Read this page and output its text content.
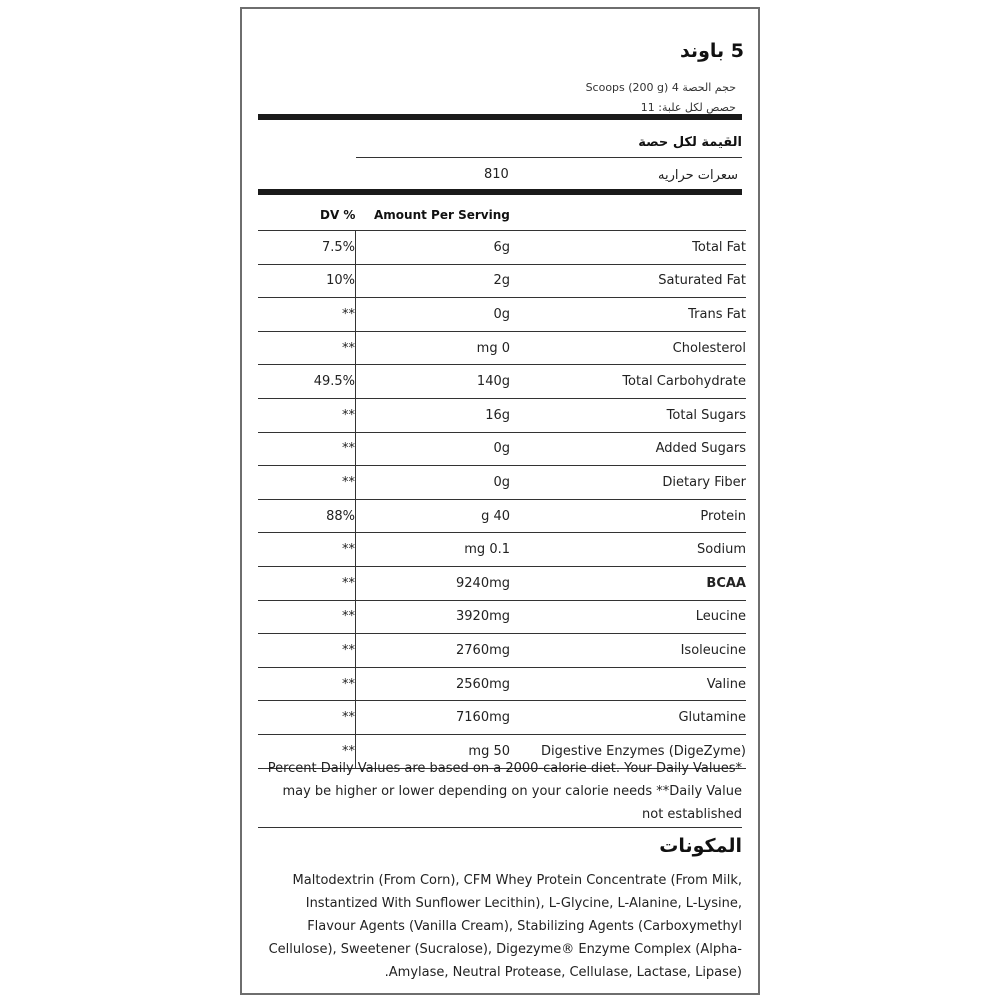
5 باوند
حجم الحصة 4 Scoops (200 g)
حصص لكل علبة: 11
القيمة لكل حصة
سعرات حراريه
810
DV % Amount Per Serving
7.5%	6g	Total Fat
10%	2g	Saturated Fat
**	0g	Trans Fat
**	mg 0	Cholesterol
49.5%	140g	Total Carbohydrate
**	16g	Total Sugars
**	0g	Added Sugars
**	0g	Dietary Fiber
88%	g 40	Protein
**	mg 0.1	Sodium
**	9240mg	BCAA
**	3920mg	Leucine
**	2760mg	Isoleucine
**	2560mg	Valine
**	7160mg	Glutamine
**	mg 50	Digestive Enzymes (DigeZyme)
Percent Daily Values are based on a 2000-calorie diet. Your Daily Values* may be higher or lower depending on your calorie needs **Daily Value not established
المكونات
Maltodextrin (From Corn), CFM Whey Protein Concentrate (From Milk, Instantized With Sunflower Lecithin), L-Glycine, L-Alanine, L-Lysine, Flavour Agents (Vanilla Cream), Stabilizing Agents (Carboxymethyl Cellulose), Sweetener (Sucralose), Digezyme® Enzyme Complex (Alpha-Amylase, Neutral Protease, Cellulase, Lactase, Lipase).
